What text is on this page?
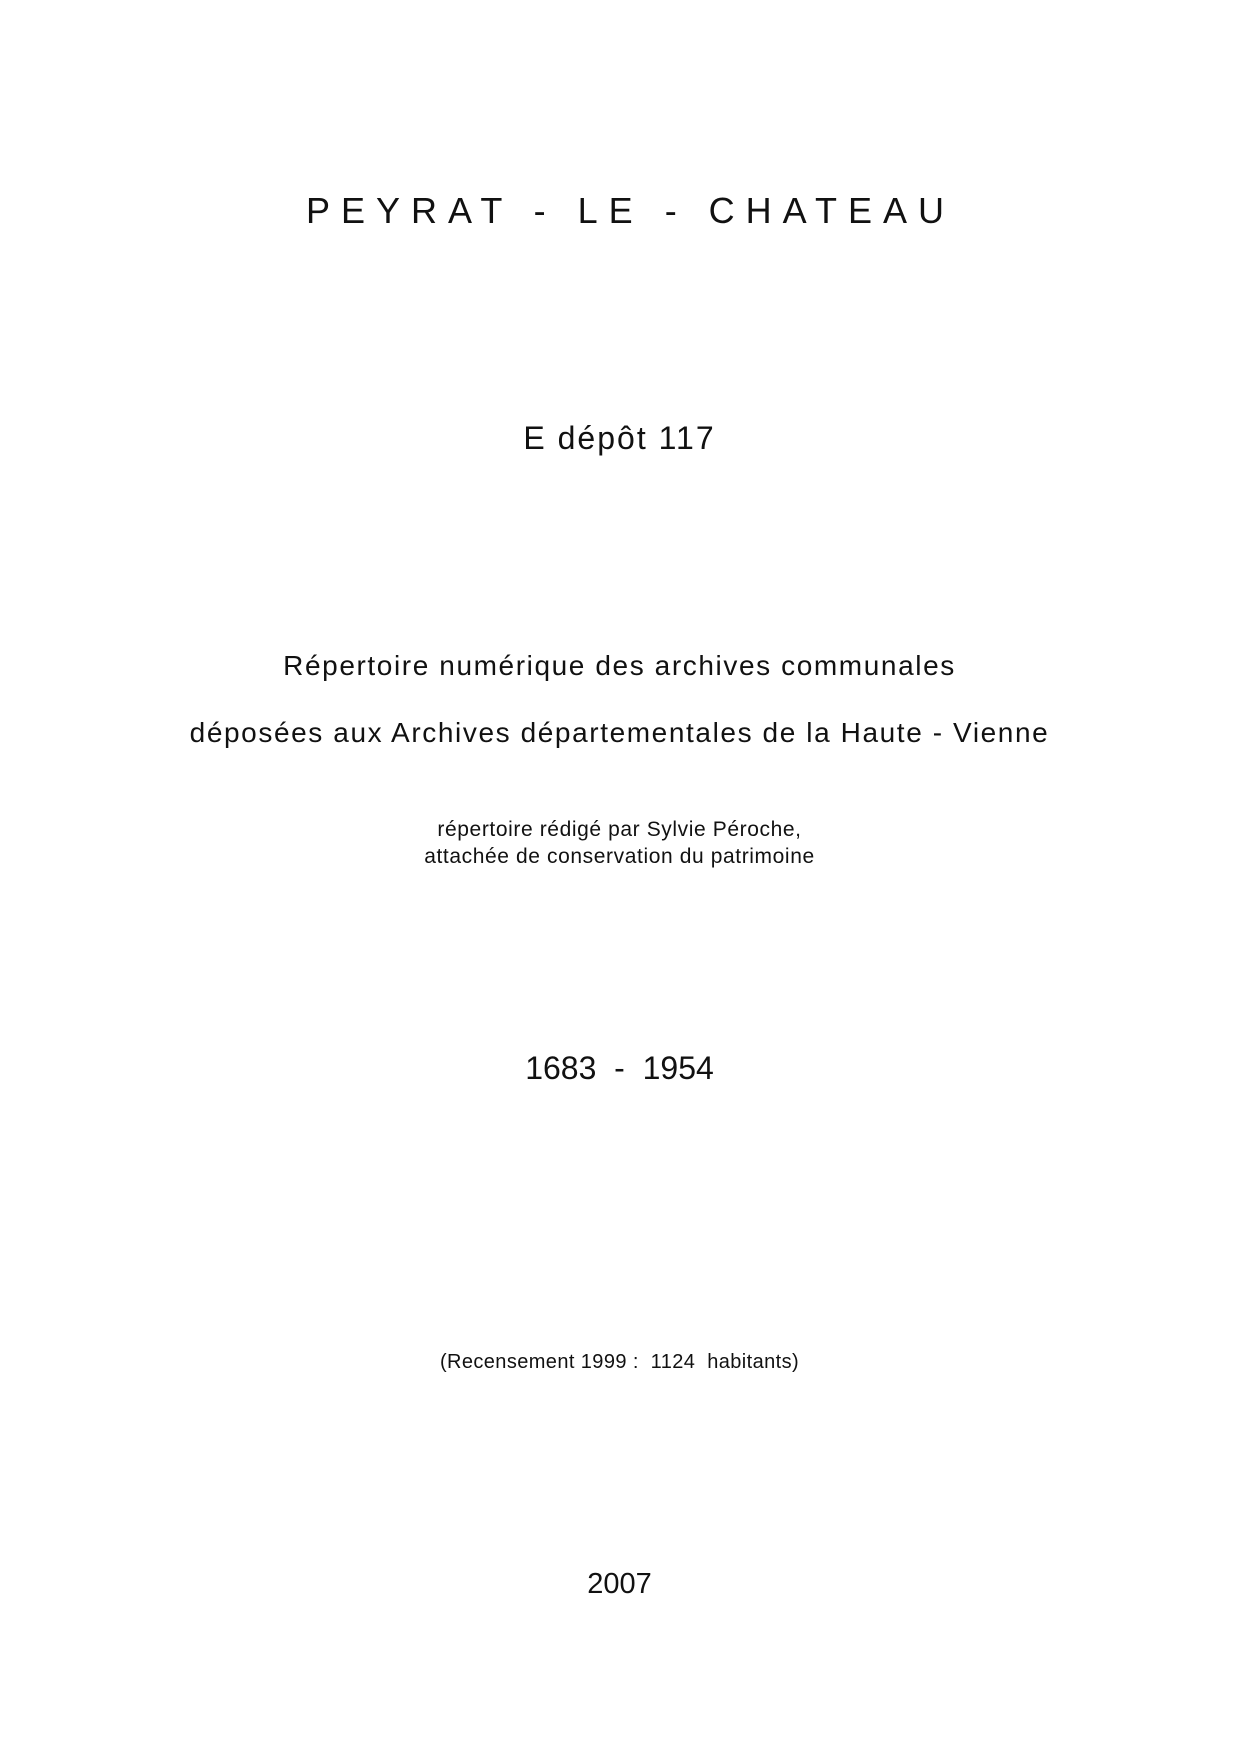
PEYRAT - LE - CHATEAU
E dépôt 117
Répertoire numérique des archives communales
déposées aux Archives départementales de la Haute - Vienne
répertoire rédigé par Sylvie Péroche,
attachée de conservation du patrimoine
1683  -  1954
(Recensement 1999 :  1124  habitants)
2007
